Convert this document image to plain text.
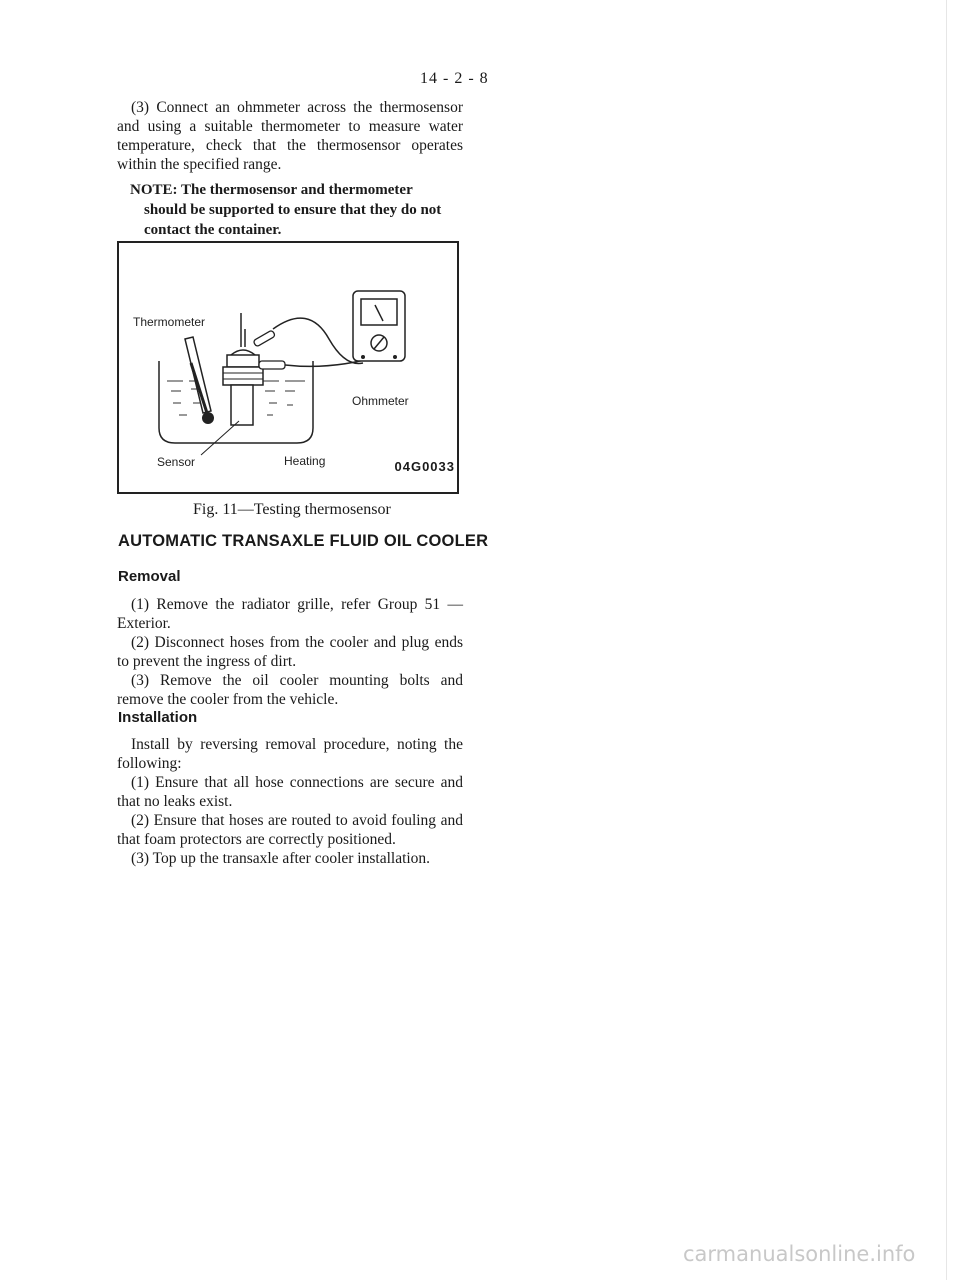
14 - 2 - 8

(3) Connect an ohmmeter across the thermosensor and using a suitable thermometer to measure water temperature, check that the thermosensor operates within the specified range.

NOTE: The thermosensor and thermometer

should be supported to ensure that they do not
contact the container.
Thermometer
Ohmmeter
Sensor	Heating	04G0033
Fig. 11—Testing thermosensor
AUTOMATIC TRANSAXLE FLUID OIL COOLER
Removal

(1) Remove the radiator grille, refer Group 51 — Exterior.

(2) Disconnect hoses from the cooler and plug ends to prevent the ingress of dirt.

(3) Remove the oil cooler mounting bolts and remove the cooler from the vehicle.

Installation

Install by reversing removal procedure, noting the following:

(1) Ensure that all hose connections are secure and that no leaks exist.

(2) Ensure that hoses are routed to avoid fouling and that foam protectors are correctly positioned.

(3) Top up the transaxle after cooler installation.

carmanualsonline.info
